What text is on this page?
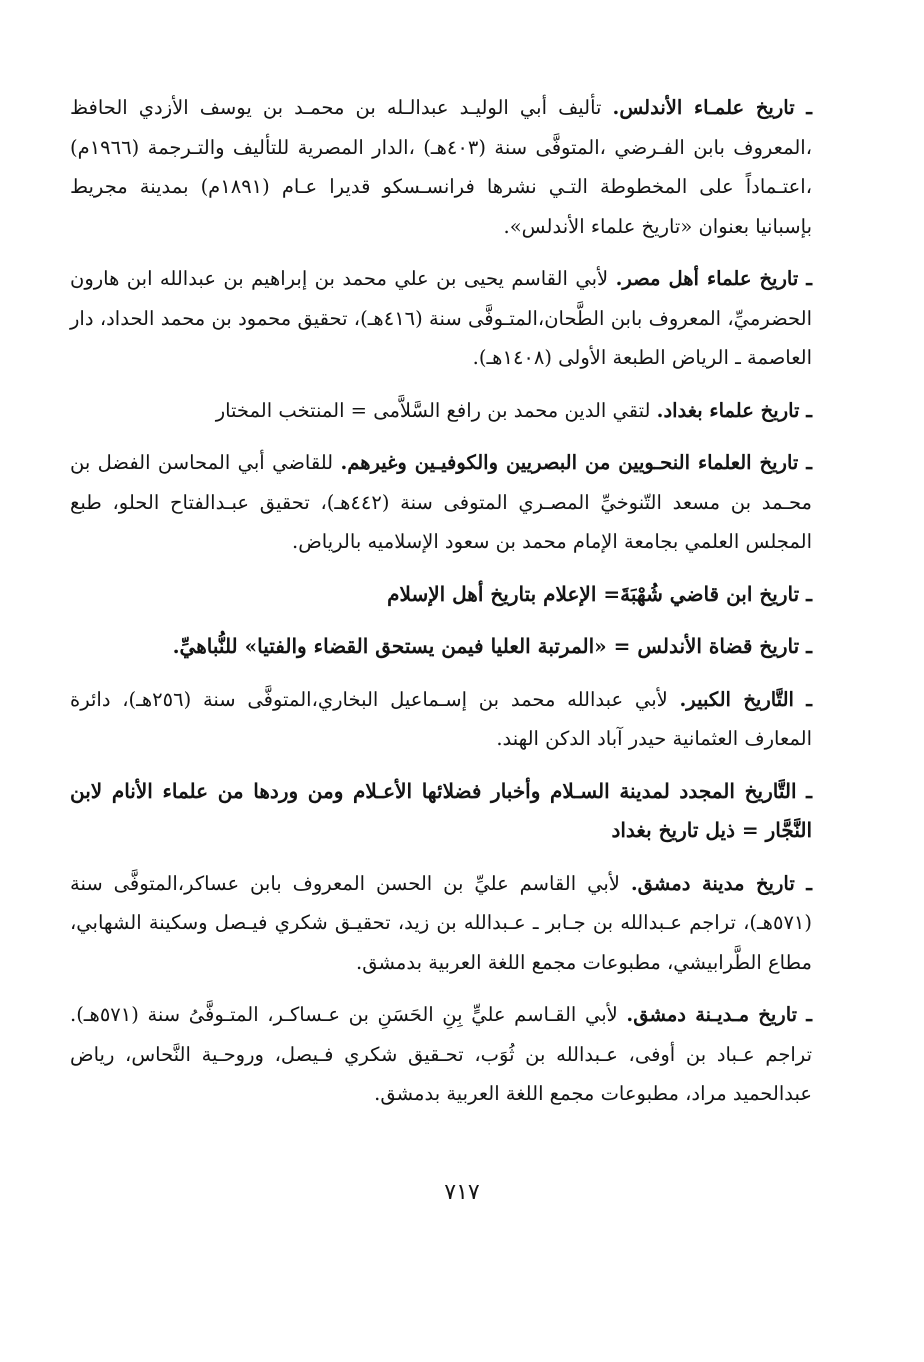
ـ تاريخ علمـاء الأندلس. تأليف أبي الوليـد عبدالـله بن محمـد بن يوسف الأزدي الحافظ ،المعروف بابن الفـرضي ،المتوفَّى سنة (٤٠٣هـ) ،الدار المصرية للتأليف والتـرجمة (١٩٦٦م) ،اعتـماداً على المخطوطة التـي نشرها فرانسـسكو قديرا عـام (١٨٩١م) بمدينة مجريط بإسبانيا بعنوان «تاريخ علماء الأندلس».

ـ تاريخ علماء أهل مصر. لأبي القاسم يحيى بن علي محمد بن إبراهيم بن عبدالله ابن هارون الحضرميِّ، المعروف بابن الطَّحان،المتـوفَّى سنة (٤١٦هـ)، تحقيق محمود بن محمد الحداد، دار العاصمة ـ الرياض الطبعة الأولى (١٤٠٨هـ).

ـ تاريخ علماء بغداد. لتقي الدين محمد بن رافع السَّلاَّمى = المنتخب المختار

ـ تاريخ العلماء النحـويين من البصريين والكوفيـين وغيرهم. للقاضي أبي المحاسن الفضل بن محـمد بن مسعد التّنوخيِّ المصـري المتوفى سنة (٤٤٢هـ)، تحقيق عبـدالفتاح الحلو، طبع المجلس العلمي بجامعة الإمام محمد بن سعود الإسلاميه بالرياض.

ـ تاريخ ابن قاضي شُهْبَةَ= الإعلام بتاريخ أهل الإسلام

ـ تاريخ قضاة الأندلس = «المرتبة العليا فيمن يستحق القضاء والفتيا» للنُّباهيِّ.

ـ التَّاريخ الكبير. لأبي عبدالله محمد بن إسـماعيل البخاري،المتوفَّى سنة (٢٥٦هـ)، دائرة المعارف العثمانية حيدر آباد الدكن الهند.

ـ التَّاريخ المجدد لمدينة السـلام وأخبار فضلائها الأعـلام ومن وردها من علماء الأنام لابن النَّجَّار = ذيل تاريخ بغداد

ـ تاريخ مدينة دمشق. لأبي القاسم عليِّ بن الحسن المعروف بابن عساكر،المتوفَّى سنة (٥٧١هـ)، تراجم عـبدالله بن جـابر ـ عـبدالله بن زيد، تحقيـق شكري فيـصل وسكينة الشهابي، مطاع الطَّرابيشي، مطبوعات مجمع اللغة العربية بدمشق.

ـ تاريخ مـديـنة دمشق. لأبي القـاسم عليٍّ بِنِ الحَسَنِ بن عـساكـر، المتـوفَّىُ سنة (٥٧١هـ). تراجم عـباد بن أوفى، عـبدالله بن ثُوَب، تحـقيق شكري فـيصل، وروحـية النَّحاس، رياض عبدالحميد مراد، مطبوعات مجمع اللغة العربية بدمشق.

٧١٧
